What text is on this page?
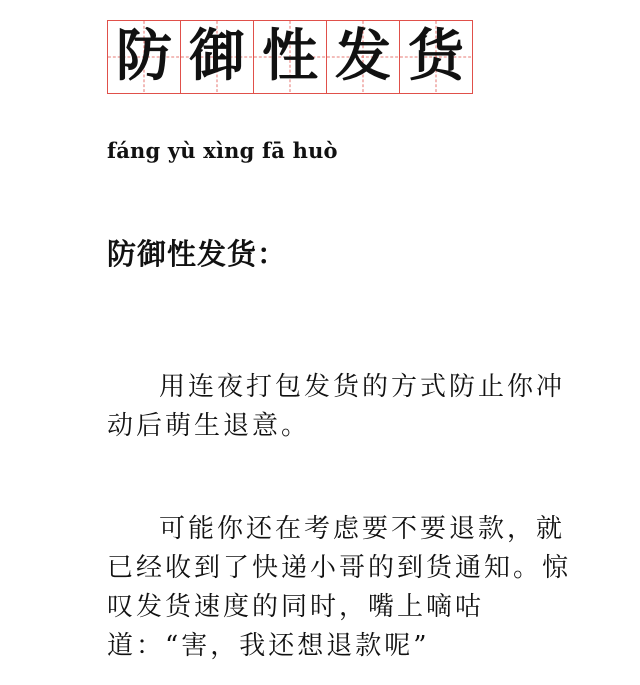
防 御 性 发 货
fáng yù xìng fā huò
防御性发货：

用连夜打包发货的方式防止你冲动后萌生退意。

可能你还在考虑要不要退款，就已经收到了快递小哥的到货通知。惊叹发货速度的同时，嘴上嘀咕道：“害，我还想退款呢”
